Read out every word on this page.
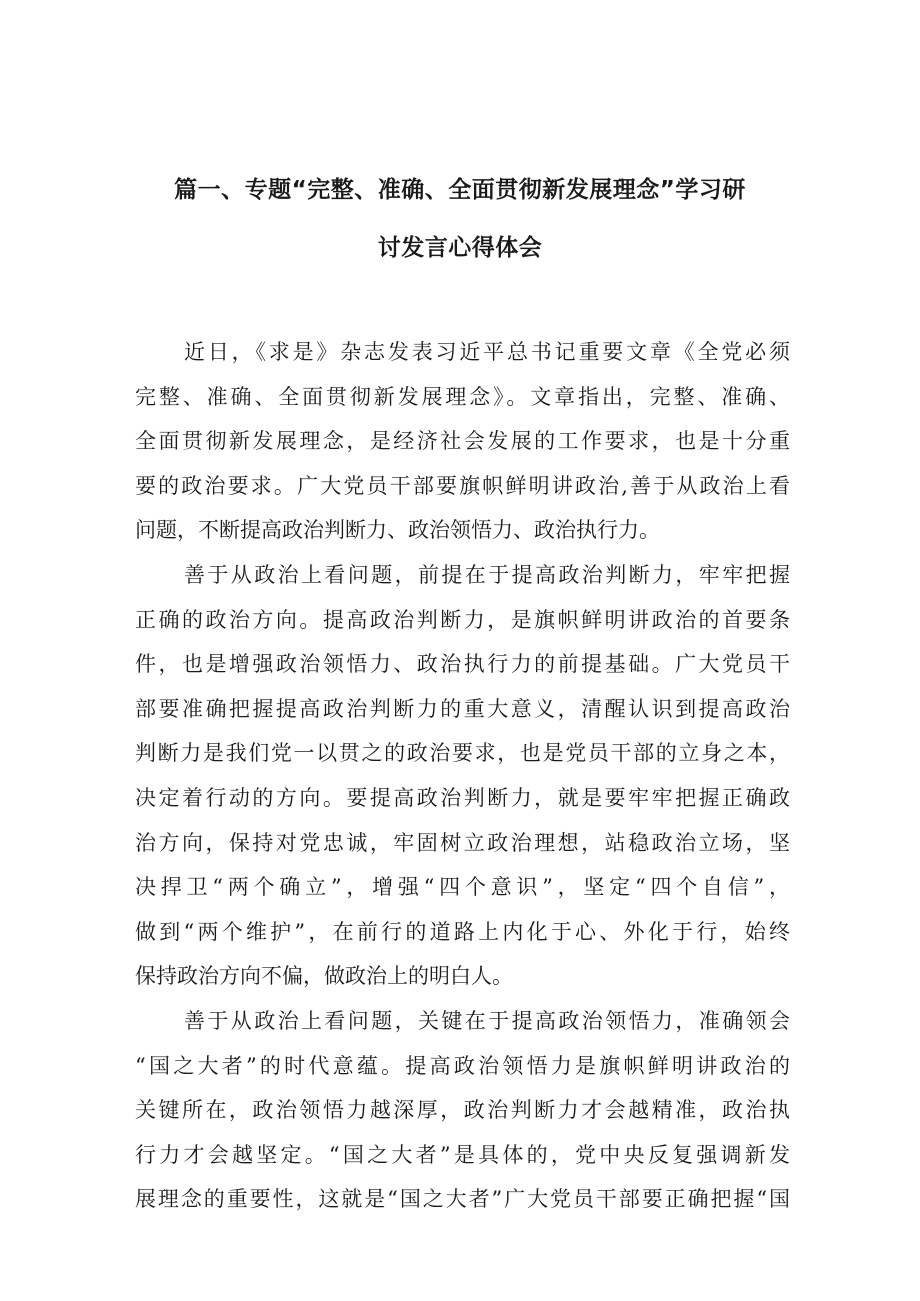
篇一、专题“完整、准确、全面贯彻新发展理念”学习研
讨发言心得体会
近日，《求是》杂志发表习近平总书记重要文章《全党必须
完整、准确、全面贯彻新发展理念》。文章指出，完整、准确、
全面贯彻新发展理念，是经济社会发展的工作要求，也是十分重
要的政治要求。广大党员干部要旗帜鲜明讲政治,善于从政治上看
问题，不断提高政治判断力、政治领悟力、政治执行力。
善于从政治上看问题，前提在于提高政治判断力，牢牢把握
正确的政治方向。提高政治判断力，是旗帜鲜明讲政治的首要条
件，也是增强政治领悟力、政治执行力的前提基础。广大党员干
部要准确把握提高政治判断力的重大意义，清醒认识到提高政治
判断力是我们党一以贯之的政治要求，也是党员干部的立身之本，
决定着行动的方向。要提高政治判断力，就是要牢牢把握正确政
治方向，保持对党忠诚，牢固树立政治理想，站稳政治立场，坚
决捍卫“两个确立”，增强“四个意识”，坚定“四个自信”，
做到“两个维护”，在前行的道路上内化于心、外化于行，始终
保持政治方向不偏，做政治上的明白人。
善于从政治上看问题，关键在于提高政治领悟力，准确领会
“国之大者”的时代意蕴。提高政治领悟力是旗帜鲜明讲政治的
关键所在，政治领悟力越深厚，政治判断力才会越精准，政治执
行力才会越坚定。“国之大者”是具体的，党中央反复强调新发
展理念的重要性，这就是“国之大者”广大党员干部要正确把握“国
